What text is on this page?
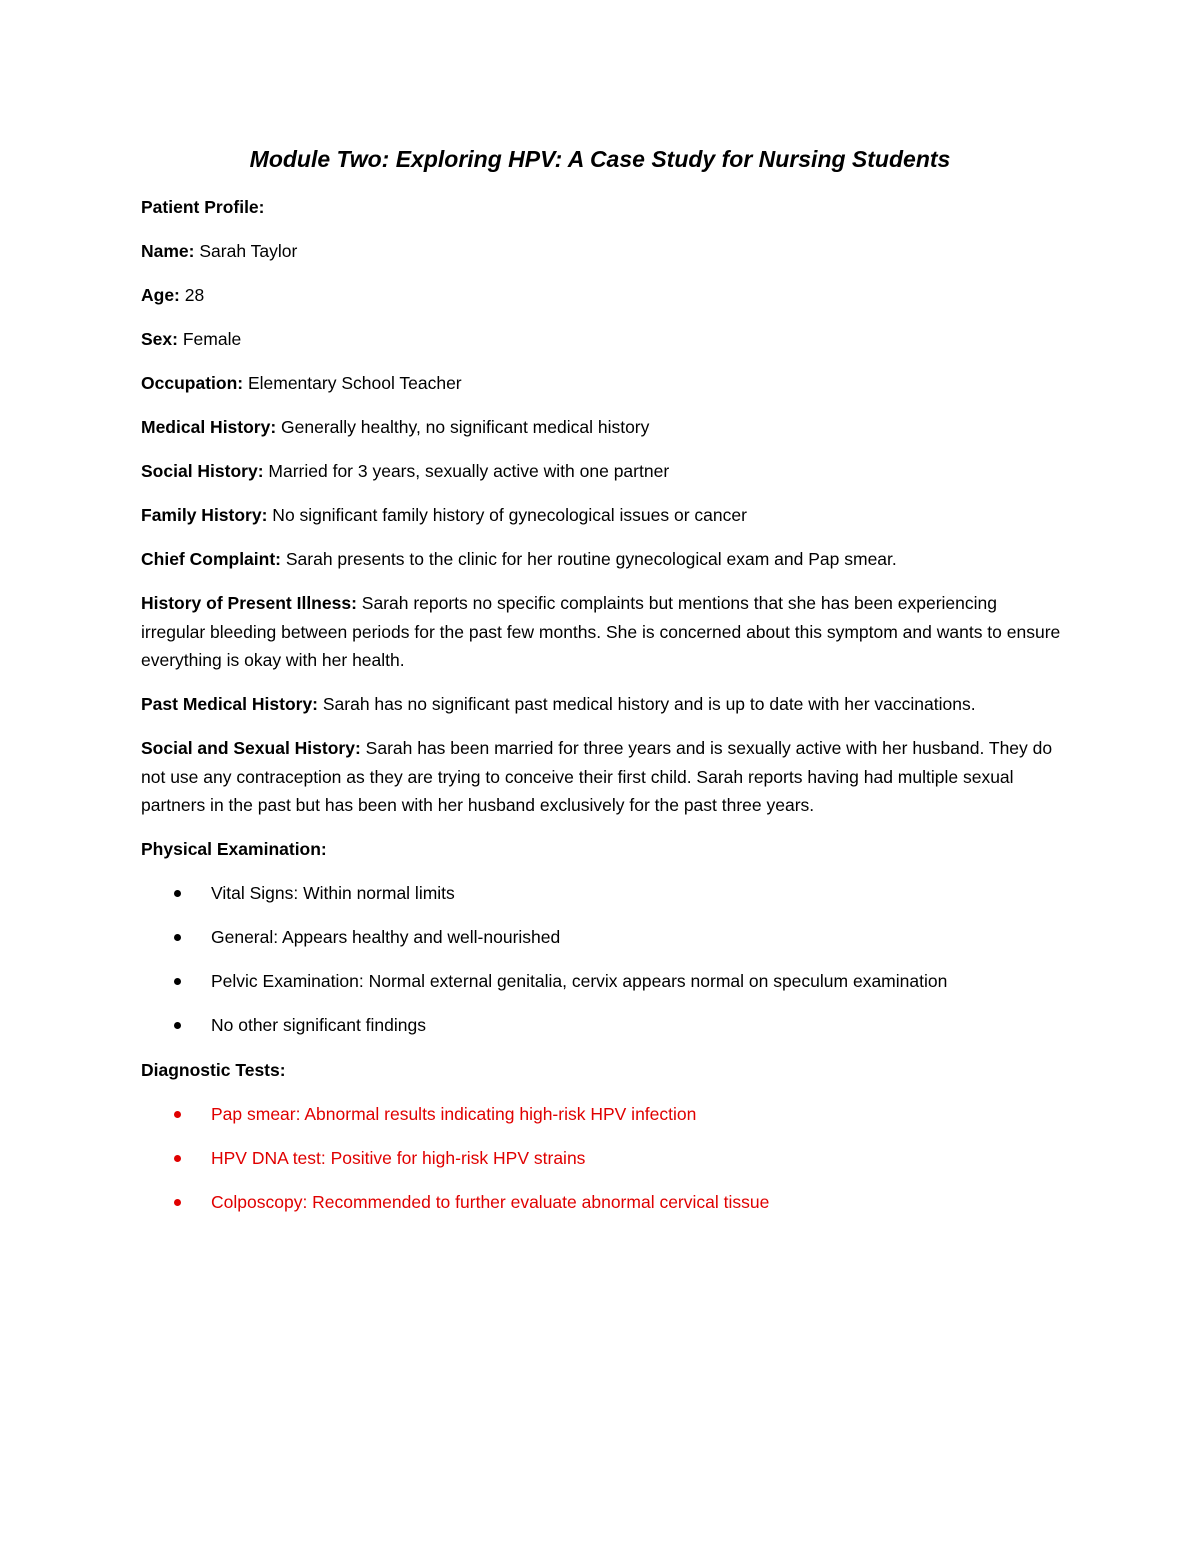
Module Two: Exploring HPV: A Case Study for Nursing Students

Patient Profile:

Name: Sarah Taylor

Age: 28

Sex: Female

Occupation: Elementary School Teacher

Medical History: Generally healthy, no significant medical history

Social History: Married for 3 years, sexually active with one partner

Family History: No significant family history of gynecological issues or cancer

Chief Complaint: Sarah presents to the clinic for her routine gynecological exam and Pap smear.

History of Present Illness: Sarah reports no specific complaints but mentions that she has been experiencing irregular bleeding between periods for the past few months. She is concerned about this symptom and wants to ensure everything is okay with her health.

Past Medical History: Sarah has no significant past medical history and is up to date with her vaccinations.

Social and Sexual History: Sarah has been married for three years and is sexually active with her husband. They do not use any contraception as they are trying to conceive their first child. Sarah reports having had multiple sexual partners in the past but has been with her husband exclusively for the past three years.

Physical Examination:

Vital Signs: Within normal limits
General: Appears healthy and well-nourished
Pelvic Examination: Normal external genitalia, cervix appears normal on speculum examination
No other significant findings

Diagnostic Tests:

Pap smear: Abnormal results indicating high-risk HPV infection
HPV DNA test: Positive for high-risk HPV strains
Colposcopy: Recommended to further evaluate abnormal cervical tissue
